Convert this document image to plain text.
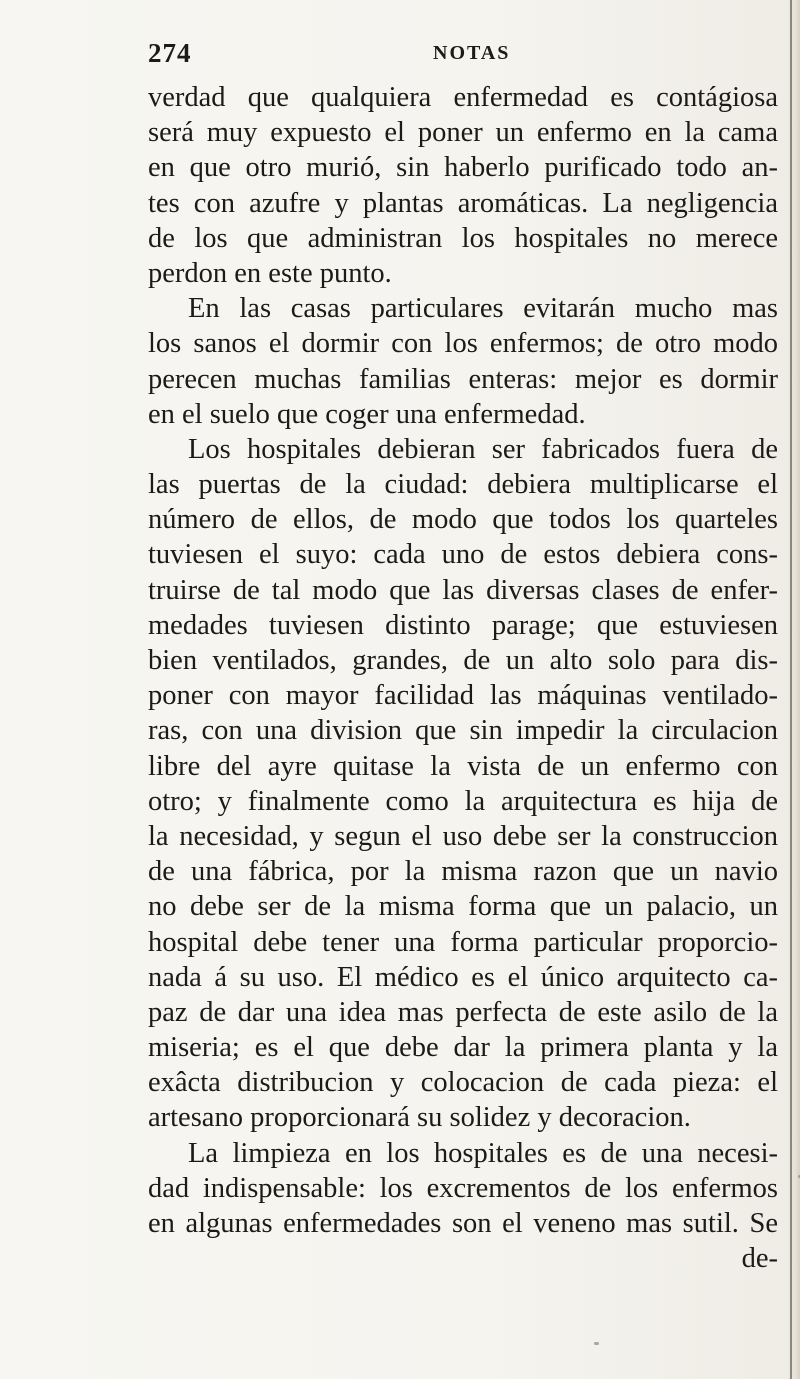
274	NOTAS
verdad que qualquiera enfermedad es contágiosa
será muy expuesto el poner un enfermo en la cama
en que otro murió, sin haberlo purificado todo an-
tes con azufre y plantas aromáticas. La negligencia
de los que administran los hospitales no merece
perdon en este punto.
En las casas particulares evitarán mucho mas
los sanos el dormir con los enfermos; de otro modo
perecen muchas familias enteras: mejor es dormir
en el suelo que coger una enfermedad.
Los hospitales debieran ser fabricados fuera de
las puertas de la ciudad: debiera multiplicarse el
número de ellos, de modo que todos los quarteles
tuviesen el suyo: cada uno de estos debiera cons-
truirse de tal modo que las diversas clases de enfer-
medades tuviesen distinto parage; que estuviesen
bien ventilados, grandes, de un alto solo para dis-
poner con mayor facilidad las máquinas ventilado-
ras, con una division que sin impedir la circulacion
libre del ayre quitase la vista de un enfermo con
otro; y finalmente como la arquitectura es hija de
la necesidad, y segun el uso debe ser la construccion
de una fábrica, por la misma razon que un navio
no debe ser de la misma forma que un palacio, un
hospital debe tener una forma particular proporcio-
nada á su uso. El médico es el único arquitecto ca-
paz de dar una idea mas perfecta de este asilo de la
miseria; es el que debe dar la primera planta y la
exâcta distribucion y colocacion de cada pieza: el
artesano proporcionará su solidez y decoracion.
La limpieza en los hospitales es de una necesi-
dad indispensable: los excrementos de los enfermos
en algunas enfermedades son el veneno mas sutil. Se
de-
